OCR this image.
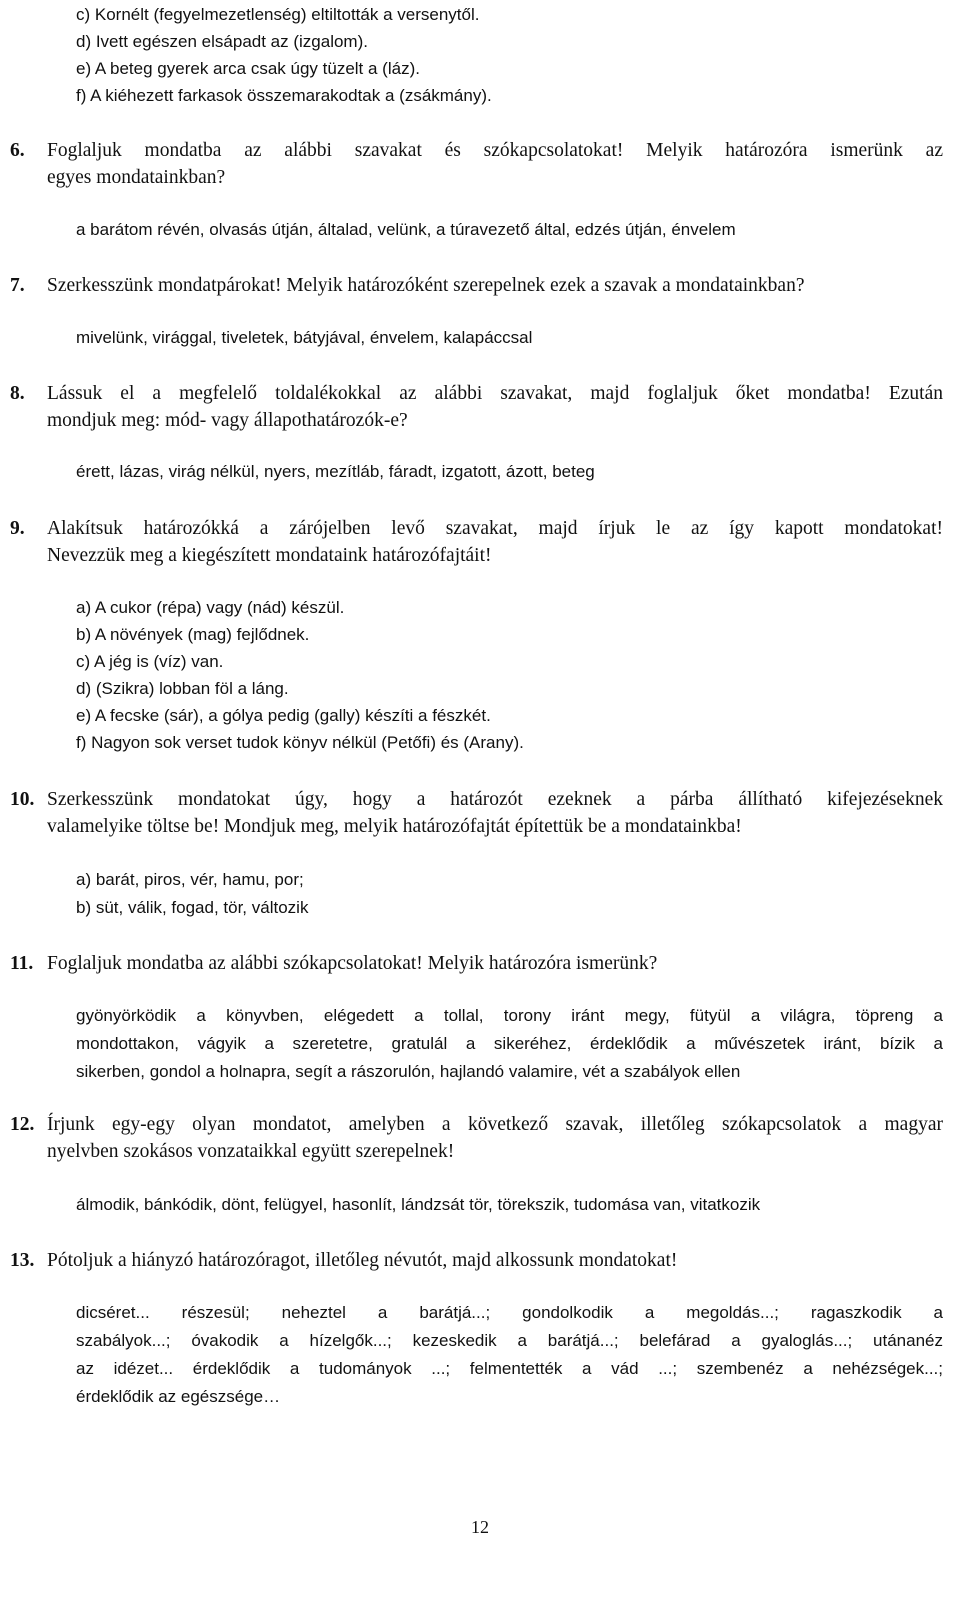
c) Kornélt (fegyelmezetlenség) eltiltották a versenytől.
d) Ivett egészen elsápadt az (izgalom).
e) A beteg gyerek arca csak úgy tüzelt a (láz).
f) A kiéhezett farkasok összemarakodtak a (zsákmány).
6. Foglaljuk mondatba az alábbi szavakat és szókapcsolatokat! Melyik határozóra ismerünk az
egyes mondatainkban?
a barátom révén, olvasás útján, általad, velünk, a túravezető által, edzés útján, énvelem
7. Szerkesszünk mondatpárokat! Melyik határozóként szerepelnek ezek a szavak a mondatainkban?
mivelünk, virággal, tiveletek, bátyjával, énvelem, kalapáccsal
8. Lássuk el a megfelelő toldalékokkal az alábbi szavakat, majd foglaljuk őket mondatba! Ezután
mondjuk meg: mód- vagy állapothatározók-e?
érett, lázas, virág nélkül, nyers, mezítláb, fáradt, izgatott, ázott, beteg
9. Alakítsuk határozókká a zárójelben levő szavakat, majd írjuk le az így kapott mondatokat!
Nevezzük meg a kiegészített mondataink határozófajtáit!
a) A cukor (répa) vagy (nád) készül.
b) A növények (mag) fejlődnek.
c) A jég is (víz) van.
d) (Szikra) lobban föl a láng.
e) A fecske (sár), a gólya pedig (gally) készíti a fészkét.
f) Nagyon sok verset tudok könyv nélkül (Petőfi) és (Arany).
10. Szerkesszünk mondatokat úgy, hogy a határozót ezeknek a párba állítható kifejezéseknek
valamelyike töltse be! Mondjuk meg, melyik határozófajtát építettük be a mondatainkba!
a) barát, piros, vér, hamu, por;
b) süt, válik, fogad, tör, változik
11. Foglaljuk mondatba az alábbi szókapcsolatokat! Melyik határozóra ismerünk?
gyönyörködik a könyvben, elégedett a tollal, torony iránt megy, fütyül a világra, töpreng a
mondottakon, vágyik a szeretetre, gratulál a sikeréhez, érdeklődik a művészetek iránt, bízik a
sikerben, gondol a holnapra, segít a rászorulón, hajlandó valamire, vét a szabályok ellen
12. Írjunk egy-egy olyan mondatot, amelyben a következő szavak, illetőleg szókapcsolatok a magyar
nyelvben szokásos vonzataikkal együtt szerepelnek!
álmodik, bánkódik, dönt, felügyel, hasonlít, lándzsát tör, törekszik, tudomása van, vitatkozik
13. Pótoljuk a hiányzó határozóragot, illetőleg névutót, majd alkossunk mondatokat!
dicséret... részesül; neheztel a barátjá...; gondolkodik a megoldás...; ragaszkodik a
szabályok...; óvakodik a hízelgők...; kezeskedik a barátjá...; belefárad a gyaloglás...; utánanéz
az idézet... érdeklődik a tudományok ...; felmentették a vád ...; szembenéz a nehézségek...;
érdeklődik az egészsége…
12
